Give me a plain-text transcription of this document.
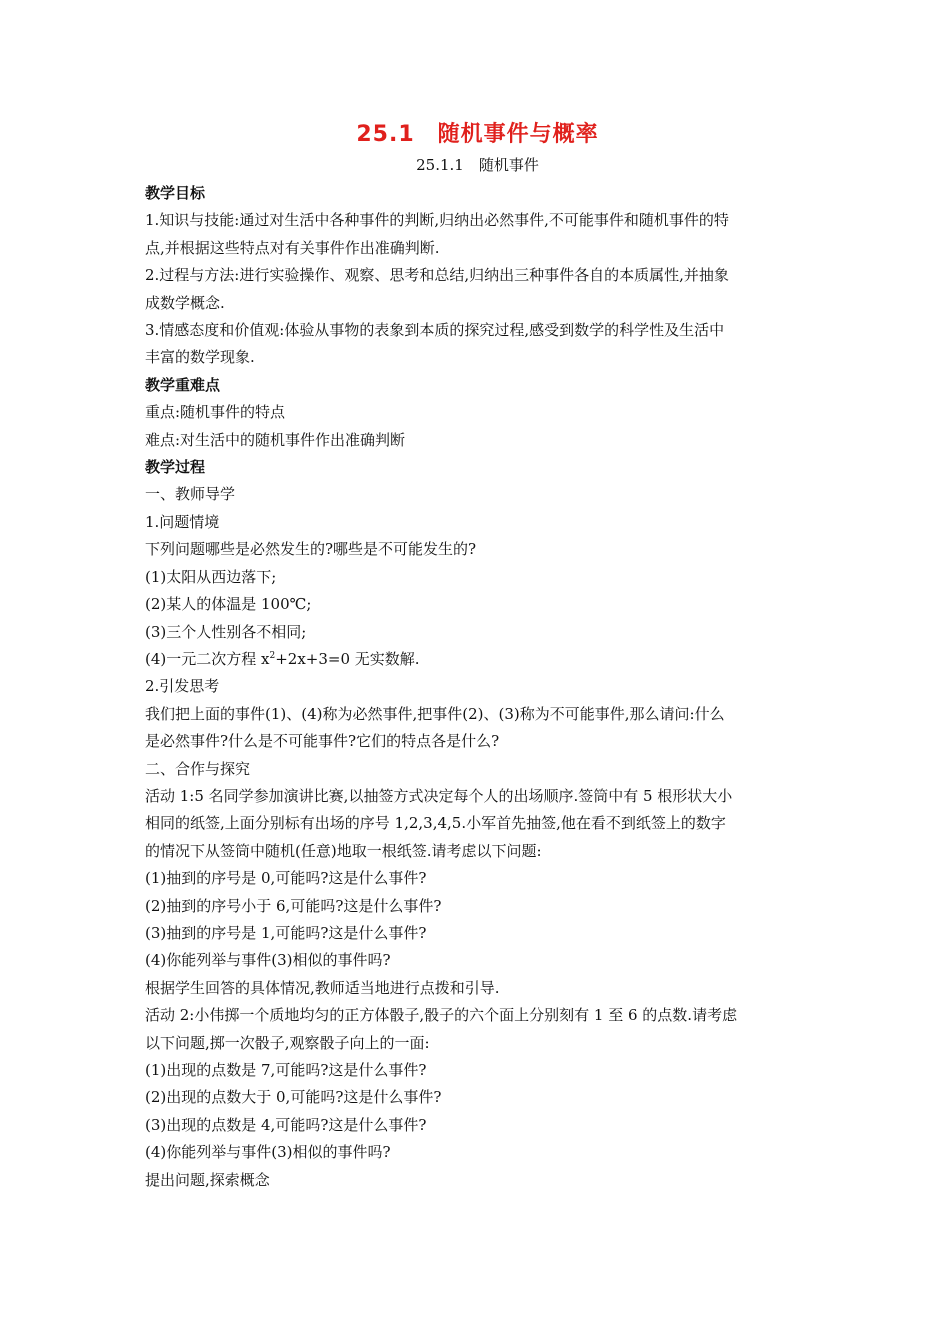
25.1　随机事件与概率

25.1.1　随机事件

教学目标

1.知识与技能:通过对生活中各种事件的判断,归纳出必然事件,不可能事件和随机事件的特

点,并根据这些特点对有关事件作出准确判断.

2.过程与方法:进行实验操作、观察、思考和总结,归纳出三种事件各自的本质属性,并抽象

成数学概念.

3.情感态度和价值观:体验从事物的表象到本质的探究过程,感受到数学的科学性及生活中

丰富的数学现象.

教学重难点

重点:随机事件的特点

难点:对生活中的随机事件作出准确判断

教学过程

一、教师导学

1.问题情境

下列问题哪些是必然发生的?哪些是不可能发生的?

(1)太阳从西边落下;

(2)某人的体温是 100℃;

(3)三个人性别各不相同;

(4)一元二次方程 $x^2+2x+3=0$ 无实数解.

2.引发思考

我们把上面的事件(1)、(4)称为必然事件,把事件(2)、(3)称为不可能事件,那么请问:什么

是必然事件?什么是不可能事件?它们的特点各是什么?

二、合作与探究

活动 1:5 名同学参加演讲比赛,以抽签方式决定每个人的出场顺序.签筒中有 5 根形状大小

相同的纸签,上面分别标有出场的序号 1,2,3,4,5.小军首先抽签,他在看不到纸签上的数字

的情况下从签筒中随机(任意)地取一根纸签.请考虑以下问题:

(1)抽到的序号是 0,可能吗?这是什么事件?

(2)抽到的序号小于 6,可能吗?这是什么事件?

(3)抽到的序号是 1,可能吗?这是什么事件?

(4)你能列举与事件(3)相似的事件吗?

根据学生回答的具体情况,教师适当地进行点拨和引导.

活动 2:小伟掷一个质地均匀的正方体骰子,骰子的六个面上分别刻有 1 至 6 的点数.请考虑

以下问题,掷一次骰子,观察骰子向上的一面:

(1)出现的点数是 7,可能吗?这是什么事件?

(2)出现的点数大于 0,可能吗?这是什么事件?

(3)出现的点数是 4,可能吗?这是什么事件?

(4)你能列举与事件(3)相似的事件吗?

提出问题,探索概念
